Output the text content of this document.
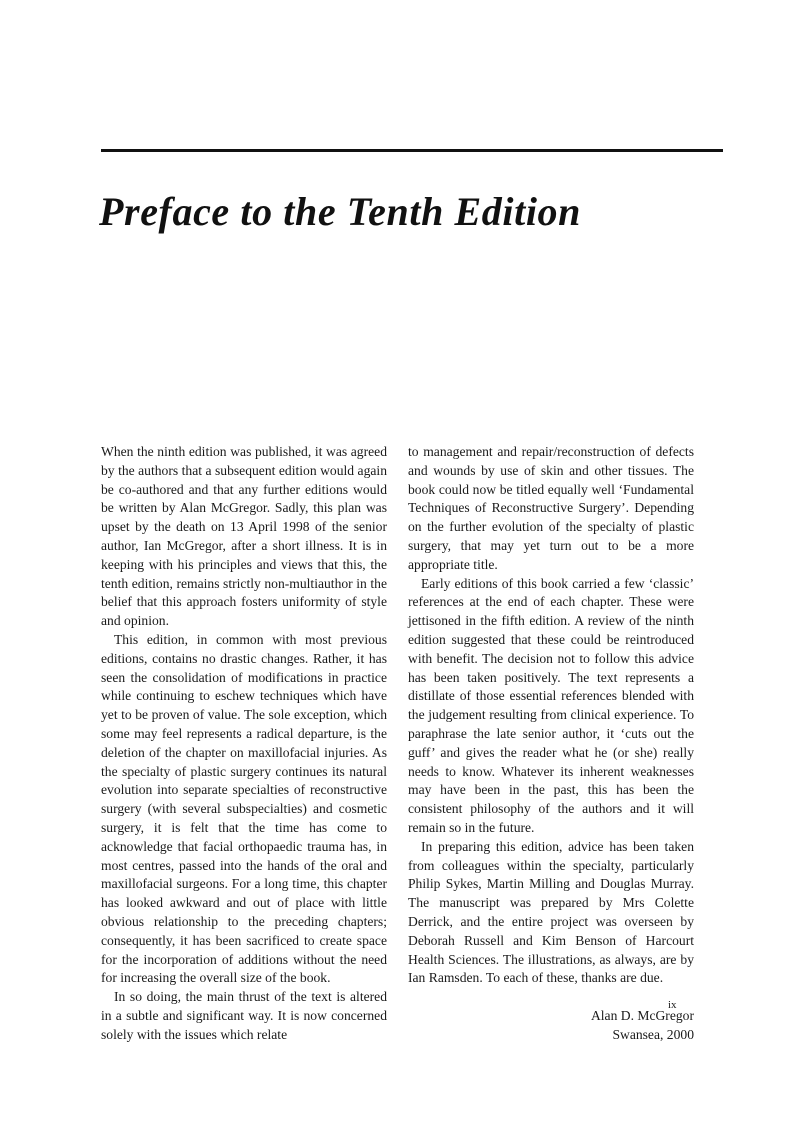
Preface to the Tenth Edition

When the ninth edition was published, it was agreed by the authors that a subsequent edition would again be co-authored and that any further editions would be written by Alan McGregor. Sadly, this plan was upset by the death on 13 April 1998 of the senior author, Ian McGregor, after a short illness. It is in keeping with his principles and views that this, the tenth edition, remains strictly non-multiauthor in the belief that this approach fosters uniformity of style and opinion.

This edition, in common with most previous editions, contains no drastic changes. Rather, it has seen the consolidation of modifications in practice while continuing to eschew techniques which have yet to be proven of value. The sole exception, which some may feel represents a radical departure, is the deletion of the chapter on maxillofacial injuries. As the specialty of plastic surgery continues its natural evolution into separate specialties of reconstructive surgery (with several subspecialties) and cosmetic surgery, it is felt that the time has come to acknowledge that facial orthopaedic trauma has, in most centres, passed into the hands of the oral and maxillofacial surgeons. For a long time, this chapter has looked awkward and out of place with little obvious relationship to the preceding chapters; consequently, it has been sacrificed to create space for the incorporation of additions without the need for increasing the overall size of the book.

In so doing, the main thrust of the text is altered in a subtle and significant way. It is now concerned solely with the issues which relate

to management and repair/reconstruction of defects and wounds by use of skin and other tissues. The book could now be titled equally well ‘Fundamental Techniques of Reconstructive Surgery’. Depending on the further evolution of the specialty of plastic surgery, that may yet turn out to be a more appropriate title.

Early editions of this book carried a few ‘classic’ references at the end of each chapter. These were jettisoned in the fifth edition. A review of the ninth edition suggested that these could be reintroduced with benefit. The decision not to follow this advice has been taken positively. The text represents a distillate of those essential references blended with the judgement resulting from clinical experience. To paraphrase the late senior author, it ‘cuts out the guff’ and gives the reader what he (or she) really needs to know. Whatever its inherent weaknesses may have been in the past, this has been the consistent philosophy of the authors and it will remain so in the future.

In preparing this edition, advice has been taken from colleagues within the specialty, particularly Philip Sykes, Martin Milling and Douglas Murray. The manuscript was prepared by Mrs Colette Derrick, and the entire project was overseen by Deborah Russell and Kim Benson of Harcourt Health Sciences. The illustrations, as always, are by Ian Ramsden. To each of these, thanks are due.

Alan D. McGregor
Swansea, 2000
ix
